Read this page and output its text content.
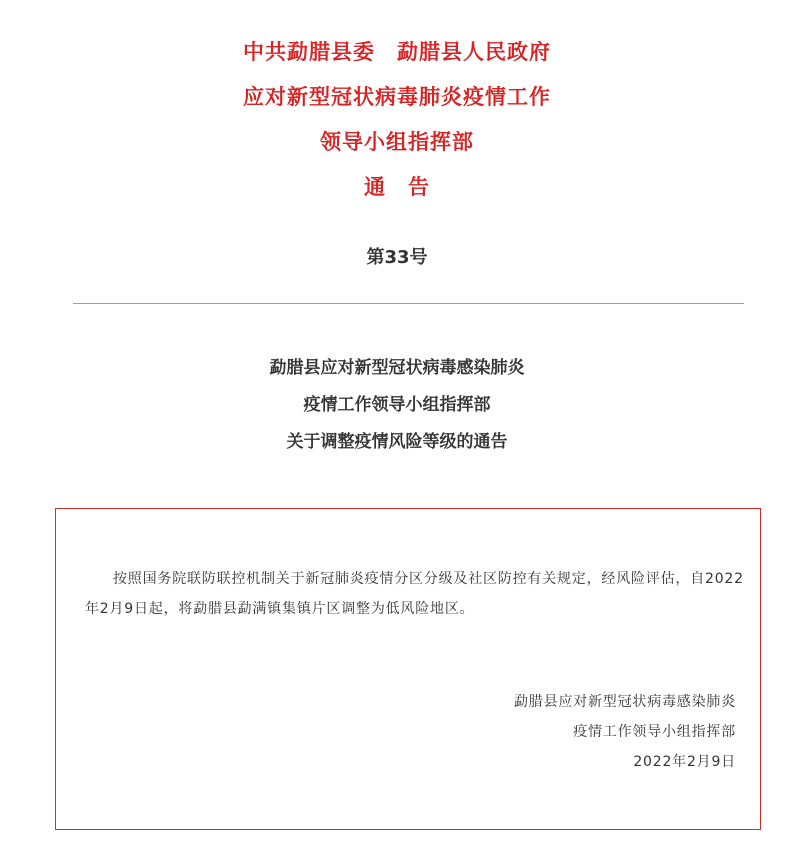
中共勐腊县委　勐腊县人民政府
应对新型冠状病毒肺炎疫情工作
领导小组指挥部
通　告
第33号
勐腊县应对新型冠状病毒感染肺炎
疫情工作领导小组指挥部
关于调整疫情风险等级的通告
按照国务院联防联控机制关于新冠肺炎疫情分区分级及社区防控有关规定，经风险评估，自2022年2月9日起，将勐腊县勐满镇集镇片区调整为低风险地区。
勐腊县应对新型冠状病毒感染肺炎
疫情工作领导小组指挥部
2022年2月9日
